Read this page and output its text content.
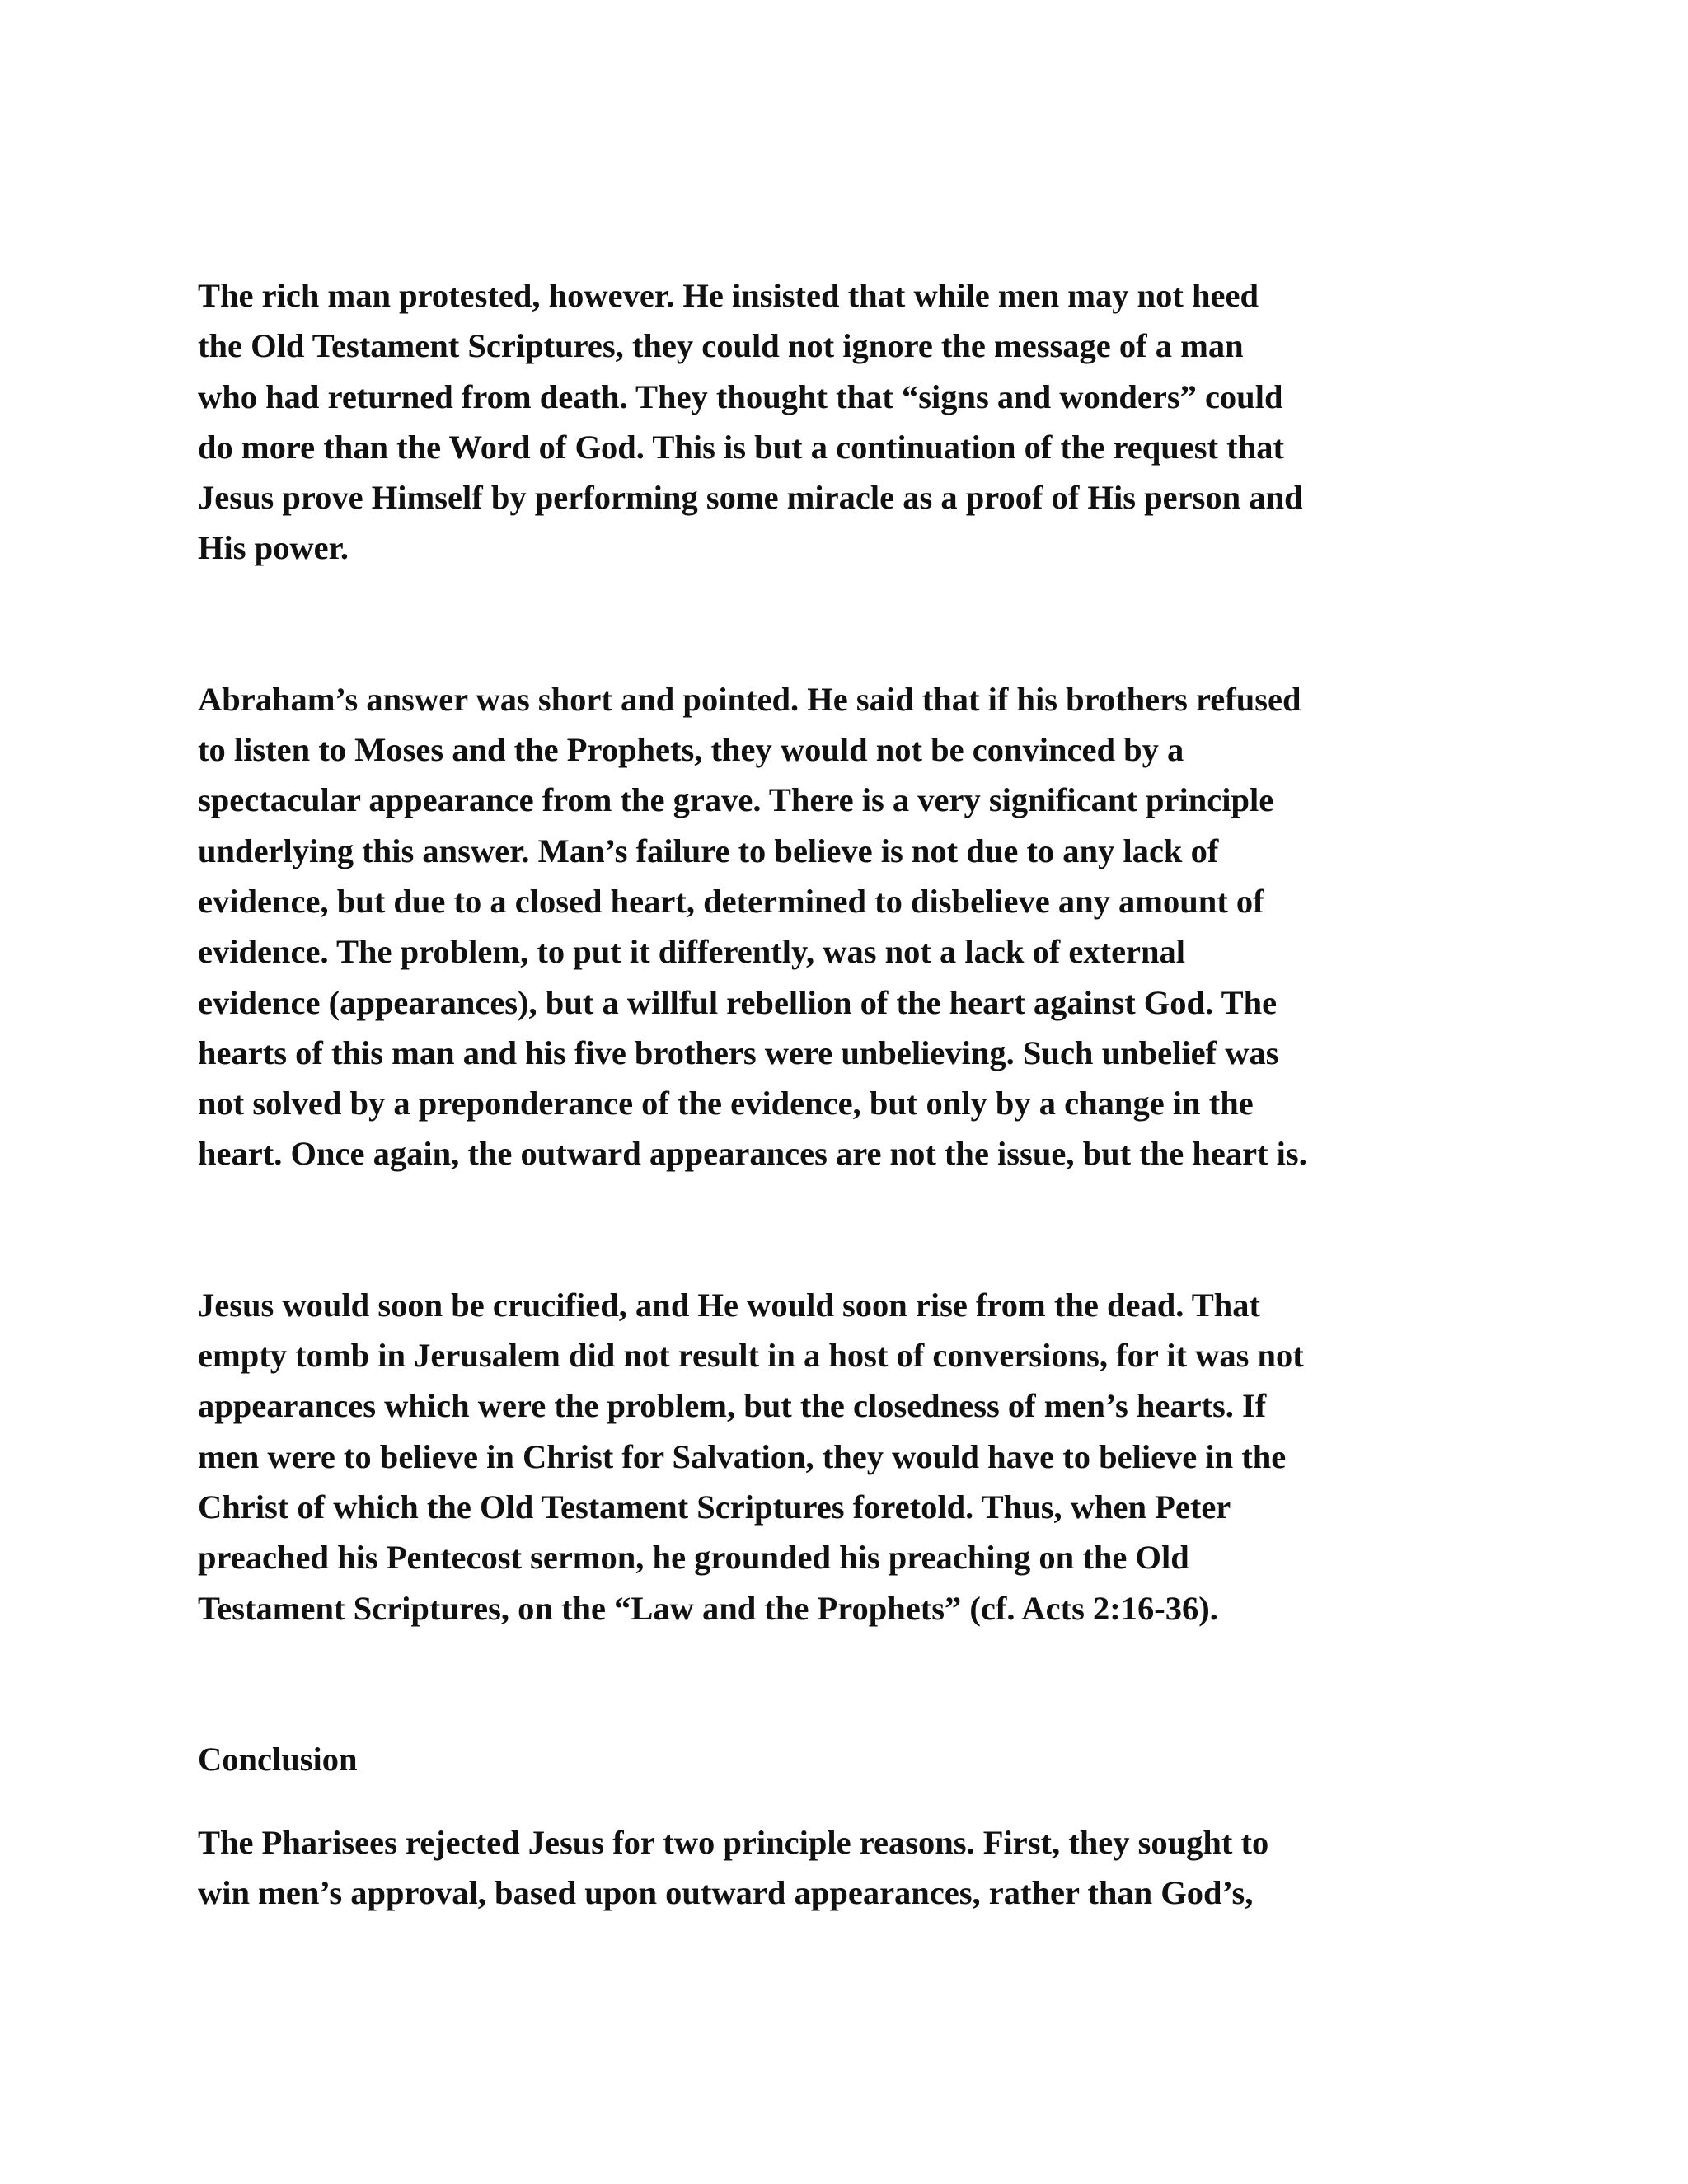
The rich man protested, however. He insisted that while men may not heed
the Old Testament Scriptures, they could not ignore the message of a man
who had returned from death. They thought that “signs and wonders” could
do more than the Word of God. This is but a continuation of the request that
Jesus prove Himself by performing some miracle as a proof of His person and
His power.

Abraham’s answer was short and pointed. He said that if his brothers refused
to listen to Moses and the Prophets, they would not be convinced by a
spectacular appearance from the grave. There is a very significant principle
underlying this answer. Man’s failure to believe is not due to any lack of
evidence, but due to a closed heart, determined to disbelieve any amount of
evidence. The problem, to put it differently, was not a lack of external
evidence (appearances), but a willful rebellion of the heart against God. The
hearts of this man and his five brothers were unbelieving. Such unbelief was
not solved by a preponderance of the evidence, but only by a change in the
heart. Once again, the outward appearances are not the issue, but the heart is.

Jesus would soon be crucified, and He would soon rise from the dead. That
empty tomb in Jerusalem did not result in a host of conversions, for it was not
appearances which were the problem, but the closedness of men’s hearts. If
men were to believe in Christ for Salvation, they would have to believe in the
Christ of which the Old Testament Scriptures foretold. Thus, when Peter
preached his Pentecost sermon, he grounded his preaching on the Old
Testament Scriptures, on the “Law and the Prophets” (cf. Acts 2:16-36).

Conclusion

The Pharisees rejected Jesus for two principle reasons. First, they sought to
win men’s approval, based upon outward appearances, rather than God’s,
